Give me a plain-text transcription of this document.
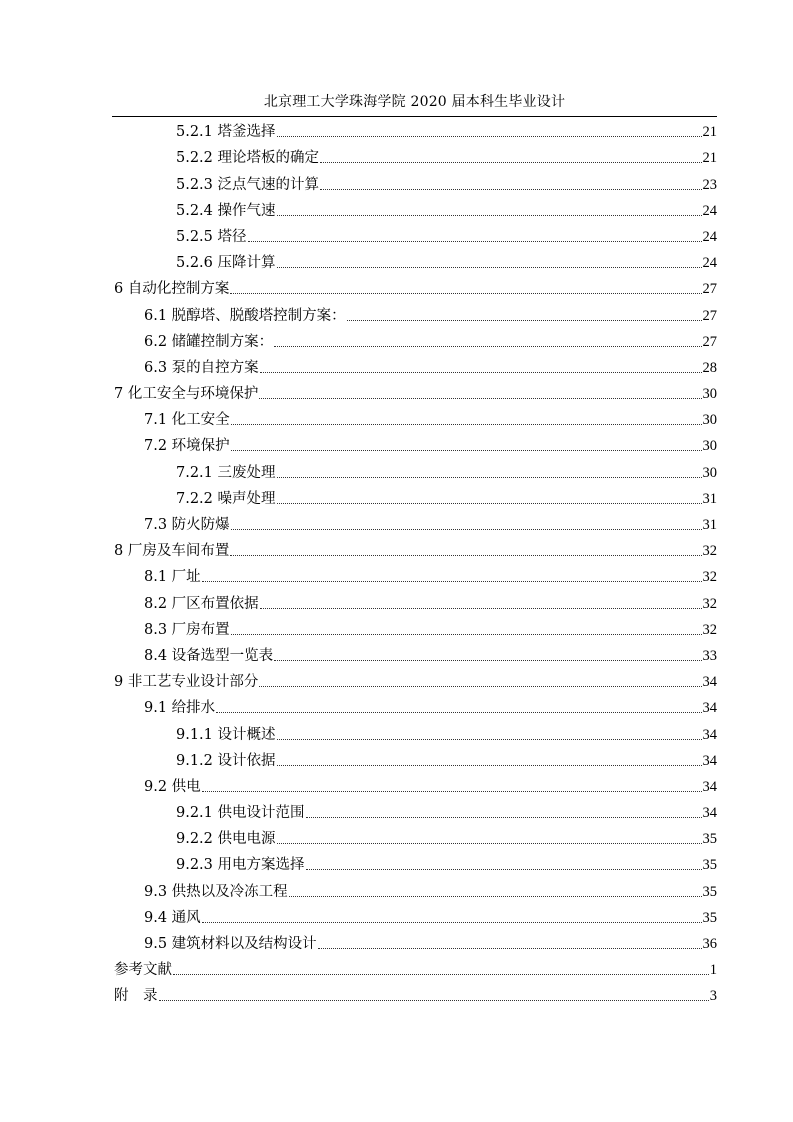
北京理工大学珠海学院 2020 届本科生毕业设计
5.2.1 塔釜选择	21
5.2.2 理论塔板的确定	21
5.2.3 泛点气速的计算	23
5.2.4 操作气速	24
5.2.5 塔径	24
5.2.6 压降计算	24
6 自动化控制方案	27
6.1 脱醇塔、脱酸塔控制方案：	27
6.2 储罐控制方案：	27
6.3 泵的自控方案	28
7 化工安全与环境保护	30
7.1 化工安全	30
7.2 环境保护	30
7.2.1 三废处理	30
7.2.2 噪声处理	31
7.3 防火防爆	31
8 厂房及车间布置	32
8.1 厂址	32
8.2 厂区布置依据	32
8.3 厂房布置	32
8.4 设备选型一览表	33
9 非工艺专业设计部分	34
9.1 给排水	34
9.1.1 设计概述	34
9.1.2 设计依据	34
9.2 供电	34
9.2.1 供电设计范围	34
9.2.2 供电电源	35
9.2.3 用电方案选择	35
9.3 供热以及冷冻工程	35
9.4 通风	35
9.5 建筑材料以及结构设计	36
参考文献	1
附　录	3
